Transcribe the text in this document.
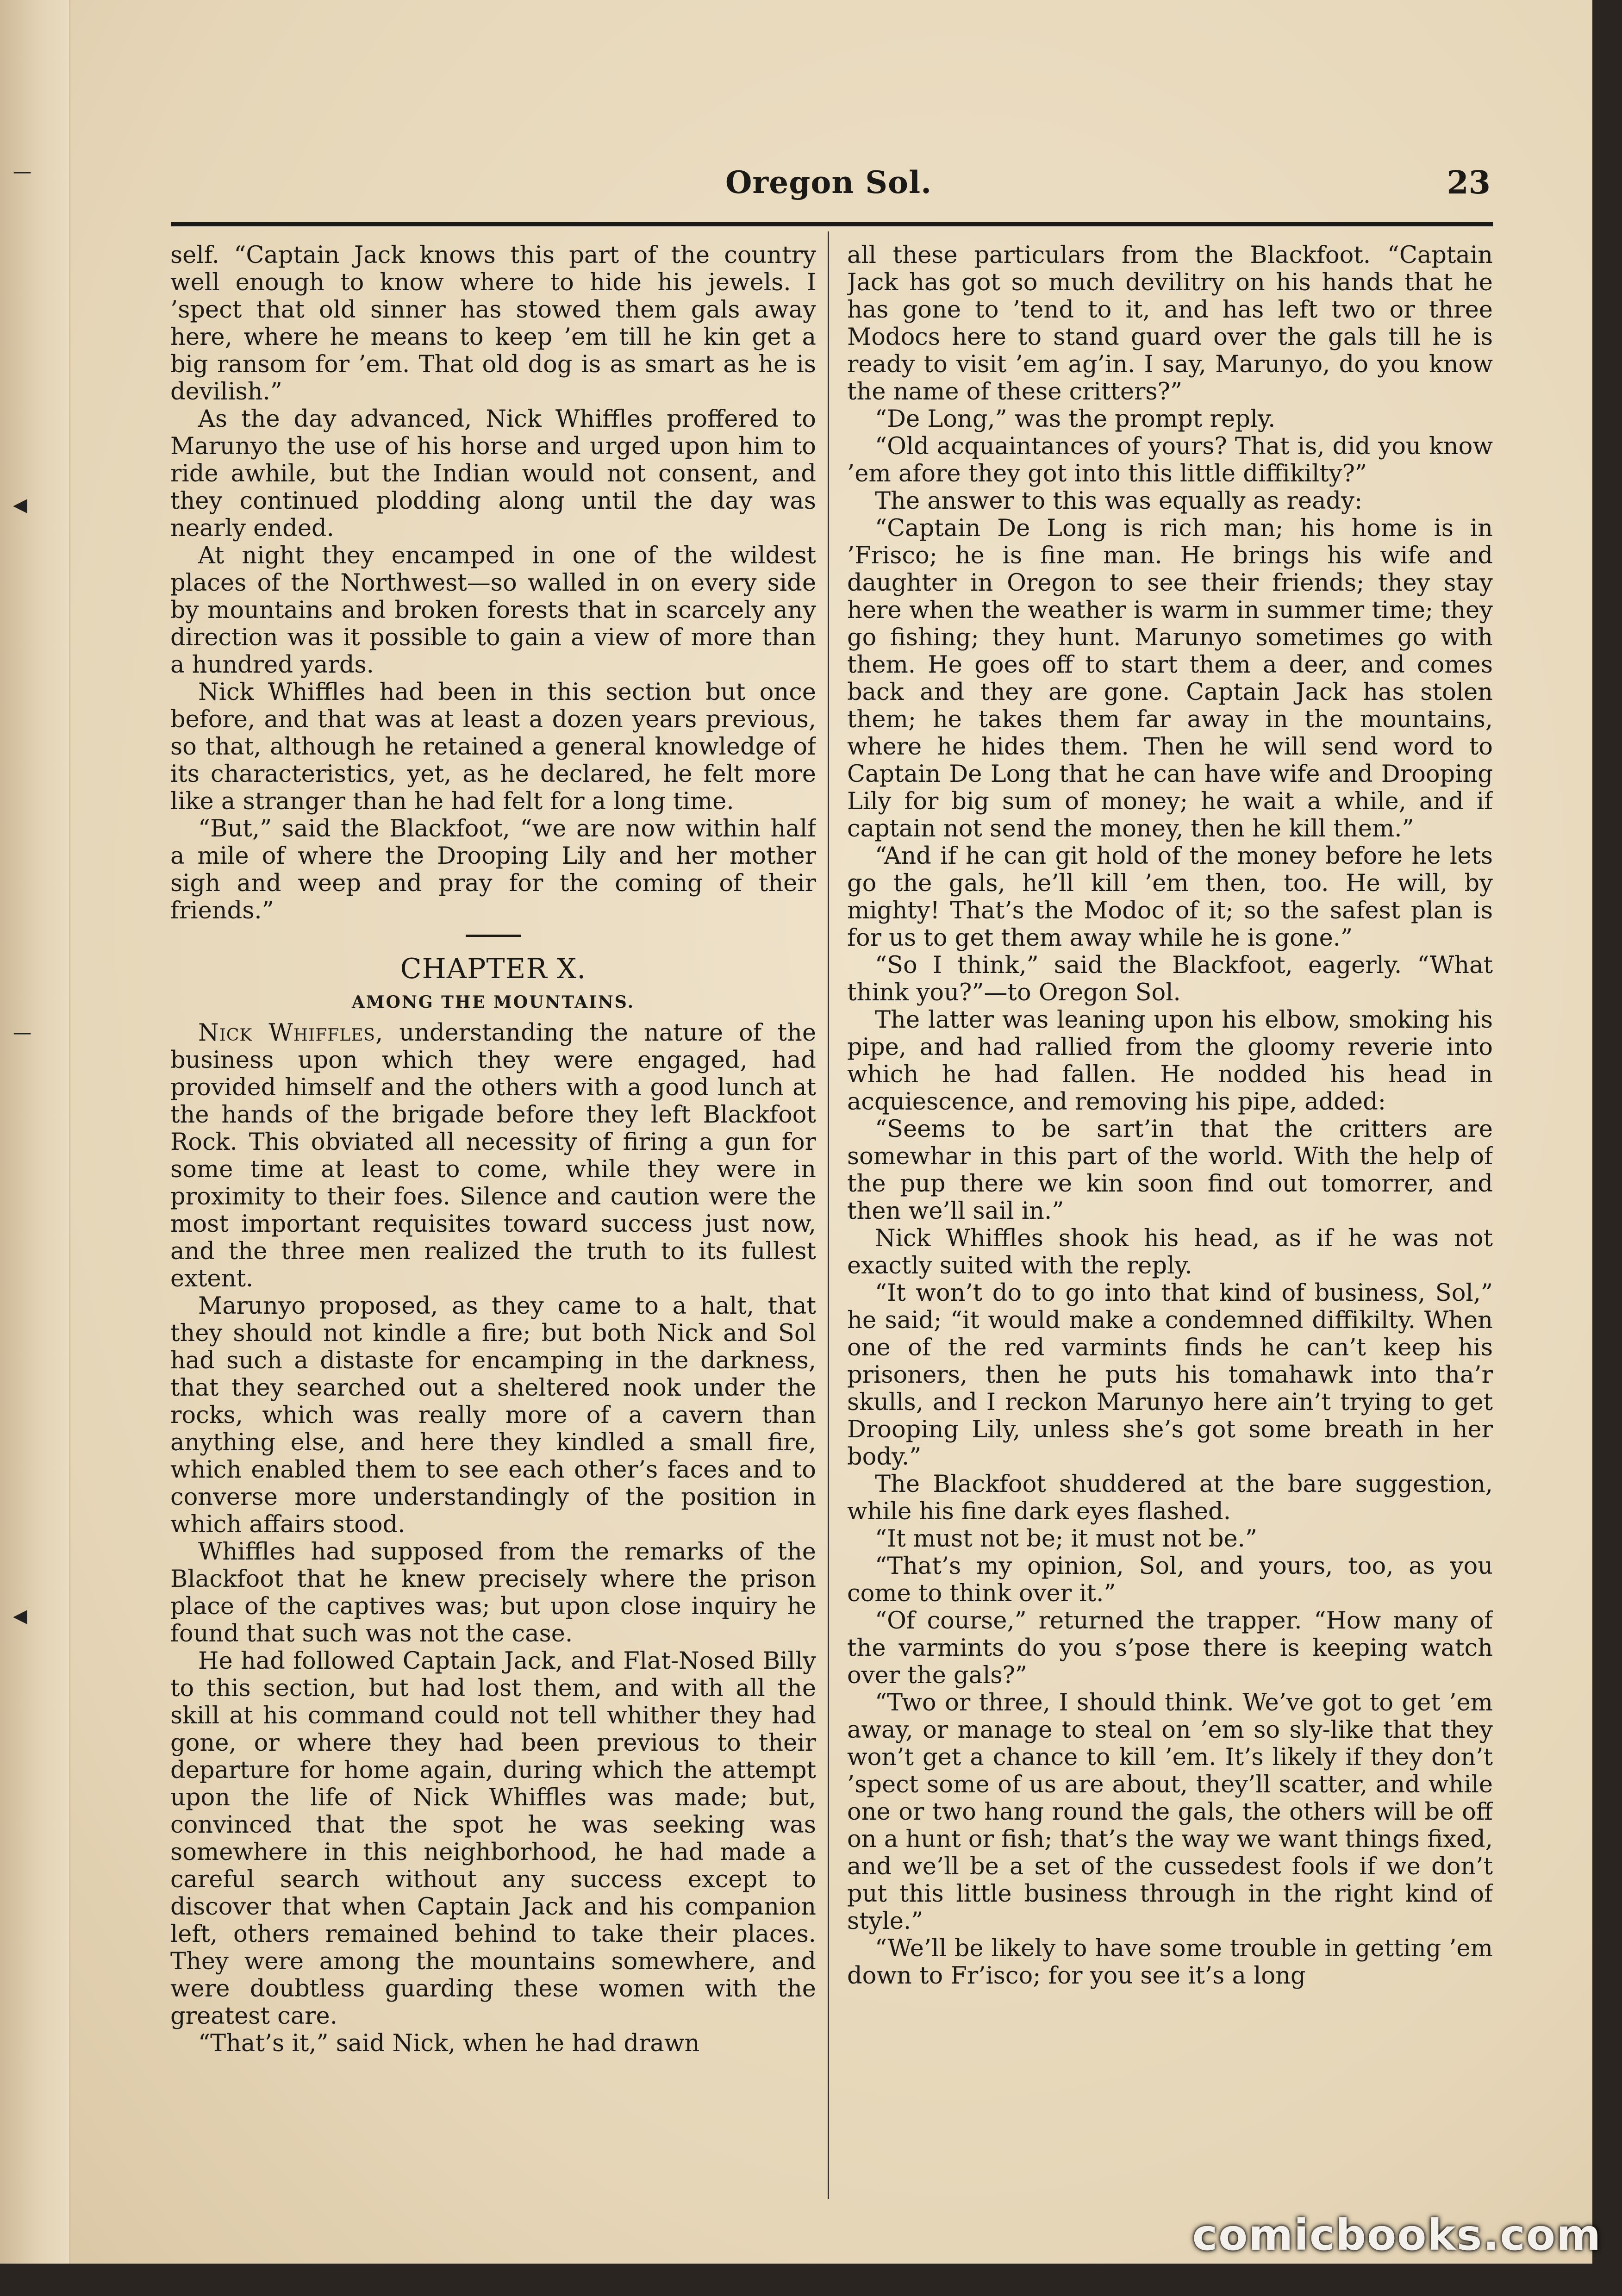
—
◀
—
◀
Oregon Sol.	23

self. “Captain Jack knows this part of the country well enough to know where to hide his jewels. I ’spect that old sinner has stowed them gals away here, where he means to keep ’em till he kin get a big ransom for ’em. That old dog is as smart as he is devilish.”

As the day advanced, Nick Whiffles proffered to Marunyo the use of his horse and urged upon him to ride awhile, but the Indian would not consent, and they continued plodding along until the day was nearly ended.

At night they encamped in one of the wildest places of the Northwest—so walled in on every side by mountains and broken forests that in scarcely any direction was it possible to gain a view of more than a hundred yards.

Nick Whiffles had been in this section but once before, and that was at least a dozen years previous, so that, although he retained a general knowledge of its characteristics, yet, as he declared, he felt more like a stranger than he had felt for a long time.

“But,” said the Blackfoot, “we are now within half a mile of where the Drooping Lily and her mother sigh and weep and pray for the coming of their friends.”

CHAPTER X.
AMONG THE MOUNTAINS.

Nick Whiffles, understanding the nature of the business upon which they were engaged, had provided himself and the others with a good lunch at the hands of the brigade before they left Blackfoot Rock. This obviated all necessity of firing a gun for some time at least to come, while they were in proximity to their foes. Silence and caution were the most important requisites toward success just now, and the three men realized the truth to its fullest extent.

Marunyo proposed, as they came to a halt, that they should not kindle a fire; but both Nick and Sol had such a distaste for encamping in the darkness, that they searched out a sheltered nook under the rocks, which was really more of a cavern than anything else, and here they kindled a small fire, which enabled them to see each other’s faces and to converse more understandingly of the position in which affairs stood.

Whiffles had supposed from the remarks of the Blackfoot that he knew precisely where the prison place of the captives was; but upon close inquiry he found that such was not the case.

He had followed Captain Jack, and Flat-Nosed Billy to this section, but had lost them, and with all the skill at his command could not tell whither they had gone, or where they had been previous to their departure for home again, during which the attempt upon the life of Nick Whiffles was made; but, convinced that the spot he was seeking was somewhere in this neighborhood, he had made a careful search without any success except to discover that when Captain Jack and his companion left, others remained behind to take their places. They were among the mountains somewhere, and were doubtless guarding these women with the greatest care.

“That’s it,” said Nick, when he had drawn

all these particulars from the Blackfoot. “Captain Jack has got so much devilitry on his hands that he has gone to ’tend to it, and has left two or three Modocs here to stand guard over the gals till he is ready to visit ’em ag’in. I say, Marunyo, do you know the name of these critters?”

“De Long,” was the prompt reply.

“Old acquaintances of yours? That is, did you know ’em afore they got into this little diffikilty?”

The answer to this was equally as ready:

“Captain De Long is rich man; his home is in ’Frisco; he is fine man. He brings his wife and daughter in Oregon to see their friends; they stay here when the weather is warm in summer time; they go fishing; they hunt. Marunyo sometimes go with them. He goes off to start them a deer, and comes back and they are gone. Captain Jack has stolen them; he takes them far away in the mountains, where he hides them. Then he will send word to Captain De Long that he can have wife and Drooping Lily for big sum of money; he wait a while, and if captain not send the money, then he kill them.”

“And if he can git hold of the money before he lets go the gals, he’ll kill ’em then, too. He will, by mighty! That’s the Modoc of it; so the safest plan is for us to get them away while he is gone.”

“So I think,” said the Blackfoot, eagerly. “What think you?”—to Oregon Sol.

The latter was leaning upon his elbow, smoking his pipe, and had rallied from the gloomy reverie into which he had fallen. He nodded his head in acquiescence, and removing his pipe, added:

“Seems to be sart’in that the critters are somewhar in this part of the world. With the help of the pup there we kin soon find out tomorrer, and then we’ll sail in.”

Nick Whiffles shook his head, as if he was not exactly suited with the reply.

“It won’t do to go into that kind of business, Sol,” he said; “it would make a condemned diffikilty. When one of the red varmints finds he can’t keep his prisoners, then he puts his tomahawk into tha’r skulls, and I reckon Marunyo here ain’t trying to get Drooping Lily, unless she’s got some breath in her body.”

The Blackfoot shuddered at the bare suggestion, while his fine dark eyes flashed.

“It must not be; it must not be.”

“That’s my opinion, Sol, and yours, too, as you come to think over it.”

“Of course,” returned the trapper. “How many of the varmints do you s’pose there is keeping watch over the gals?”

“Two or three, I should think. We’ve got to get ’em away, or manage to steal on ’em so sly-like that they won’t get a chance to kill ’em. It’s likely if they don’t ’spect some of us are about, they’ll scatter, and while one or two hang round the gals, the others will be off on a hunt or fish; that’s the way we want things fixed, and we’ll be a set of the cussedest fools if we don’t put this little business through in the right kind of style.”

“We’ll be likely to have some trouble in getting ’em down to Fr’isco; for you see it’s a long

comicbooks.com
